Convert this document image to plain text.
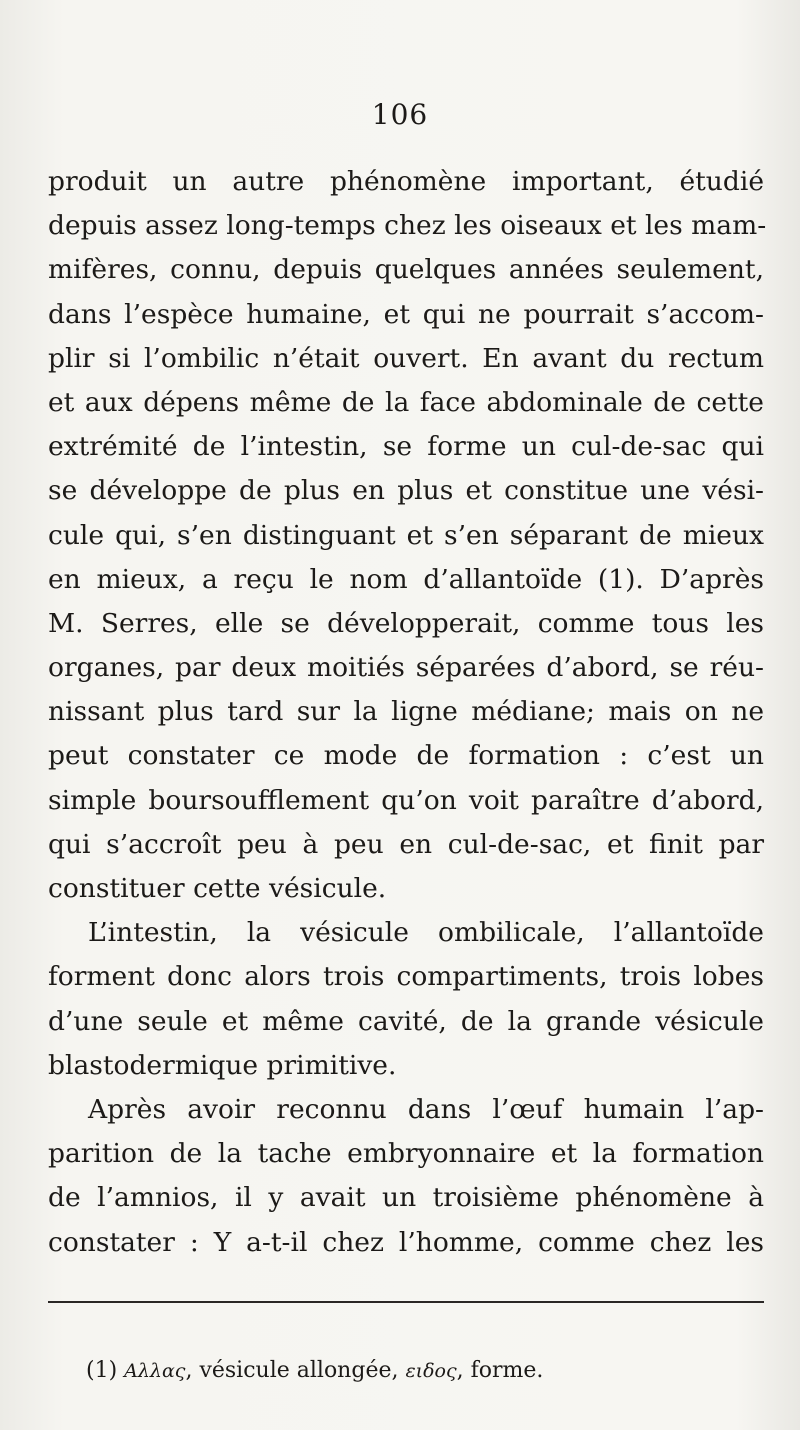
106
produit un autre phénomène important, étudié
depuis assez long-temps chez les oiseaux et les mam-
mifères, connu, depuis quelques années seulement,
dans l’espèce humaine, et qui ne pourrait s’accom-
plir si l’ombilic n’était ouvert. En avant du rectum
et aux dépens même de la face abdominale de cette
extrémité de l’intestin, se forme un cul-de-sac qui
se développe de plus en plus et constitue une vési-
cule qui, s’en distinguant et s’en séparant de mieux
en mieux, a reçu le nom d’allantoïde (1). D’après
M. Serres, elle se développerait, comme tous les
organes, par deux moitiés séparées d’abord, se réu-
nissant plus tard sur la ligne médiane; mais on ne
peut constater ce mode de formation : c’est un
simple boursoufflement qu’on voit paraître d’abord,
qui s’accroît peu à peu en cul-de-sac, et finit par
constituer cette vésicule.
L’intestin, la vésicule ombilicale, l’allantoïde
forment donc alors trois compartiments, trois lobes
d’une seule et même cavité, de la grande vésicule
blastodermique primitive.
Après avoir reconnu dans l’œuf humain l’ap-
parition de la tache embryonnaire et la formation
de l’amnios, il y avait un troisième phénomène à
constater : Y a-t-il chez l’homme, comme chez les
(1) Αλλας, vésicule allongée, ειδος, forme.
